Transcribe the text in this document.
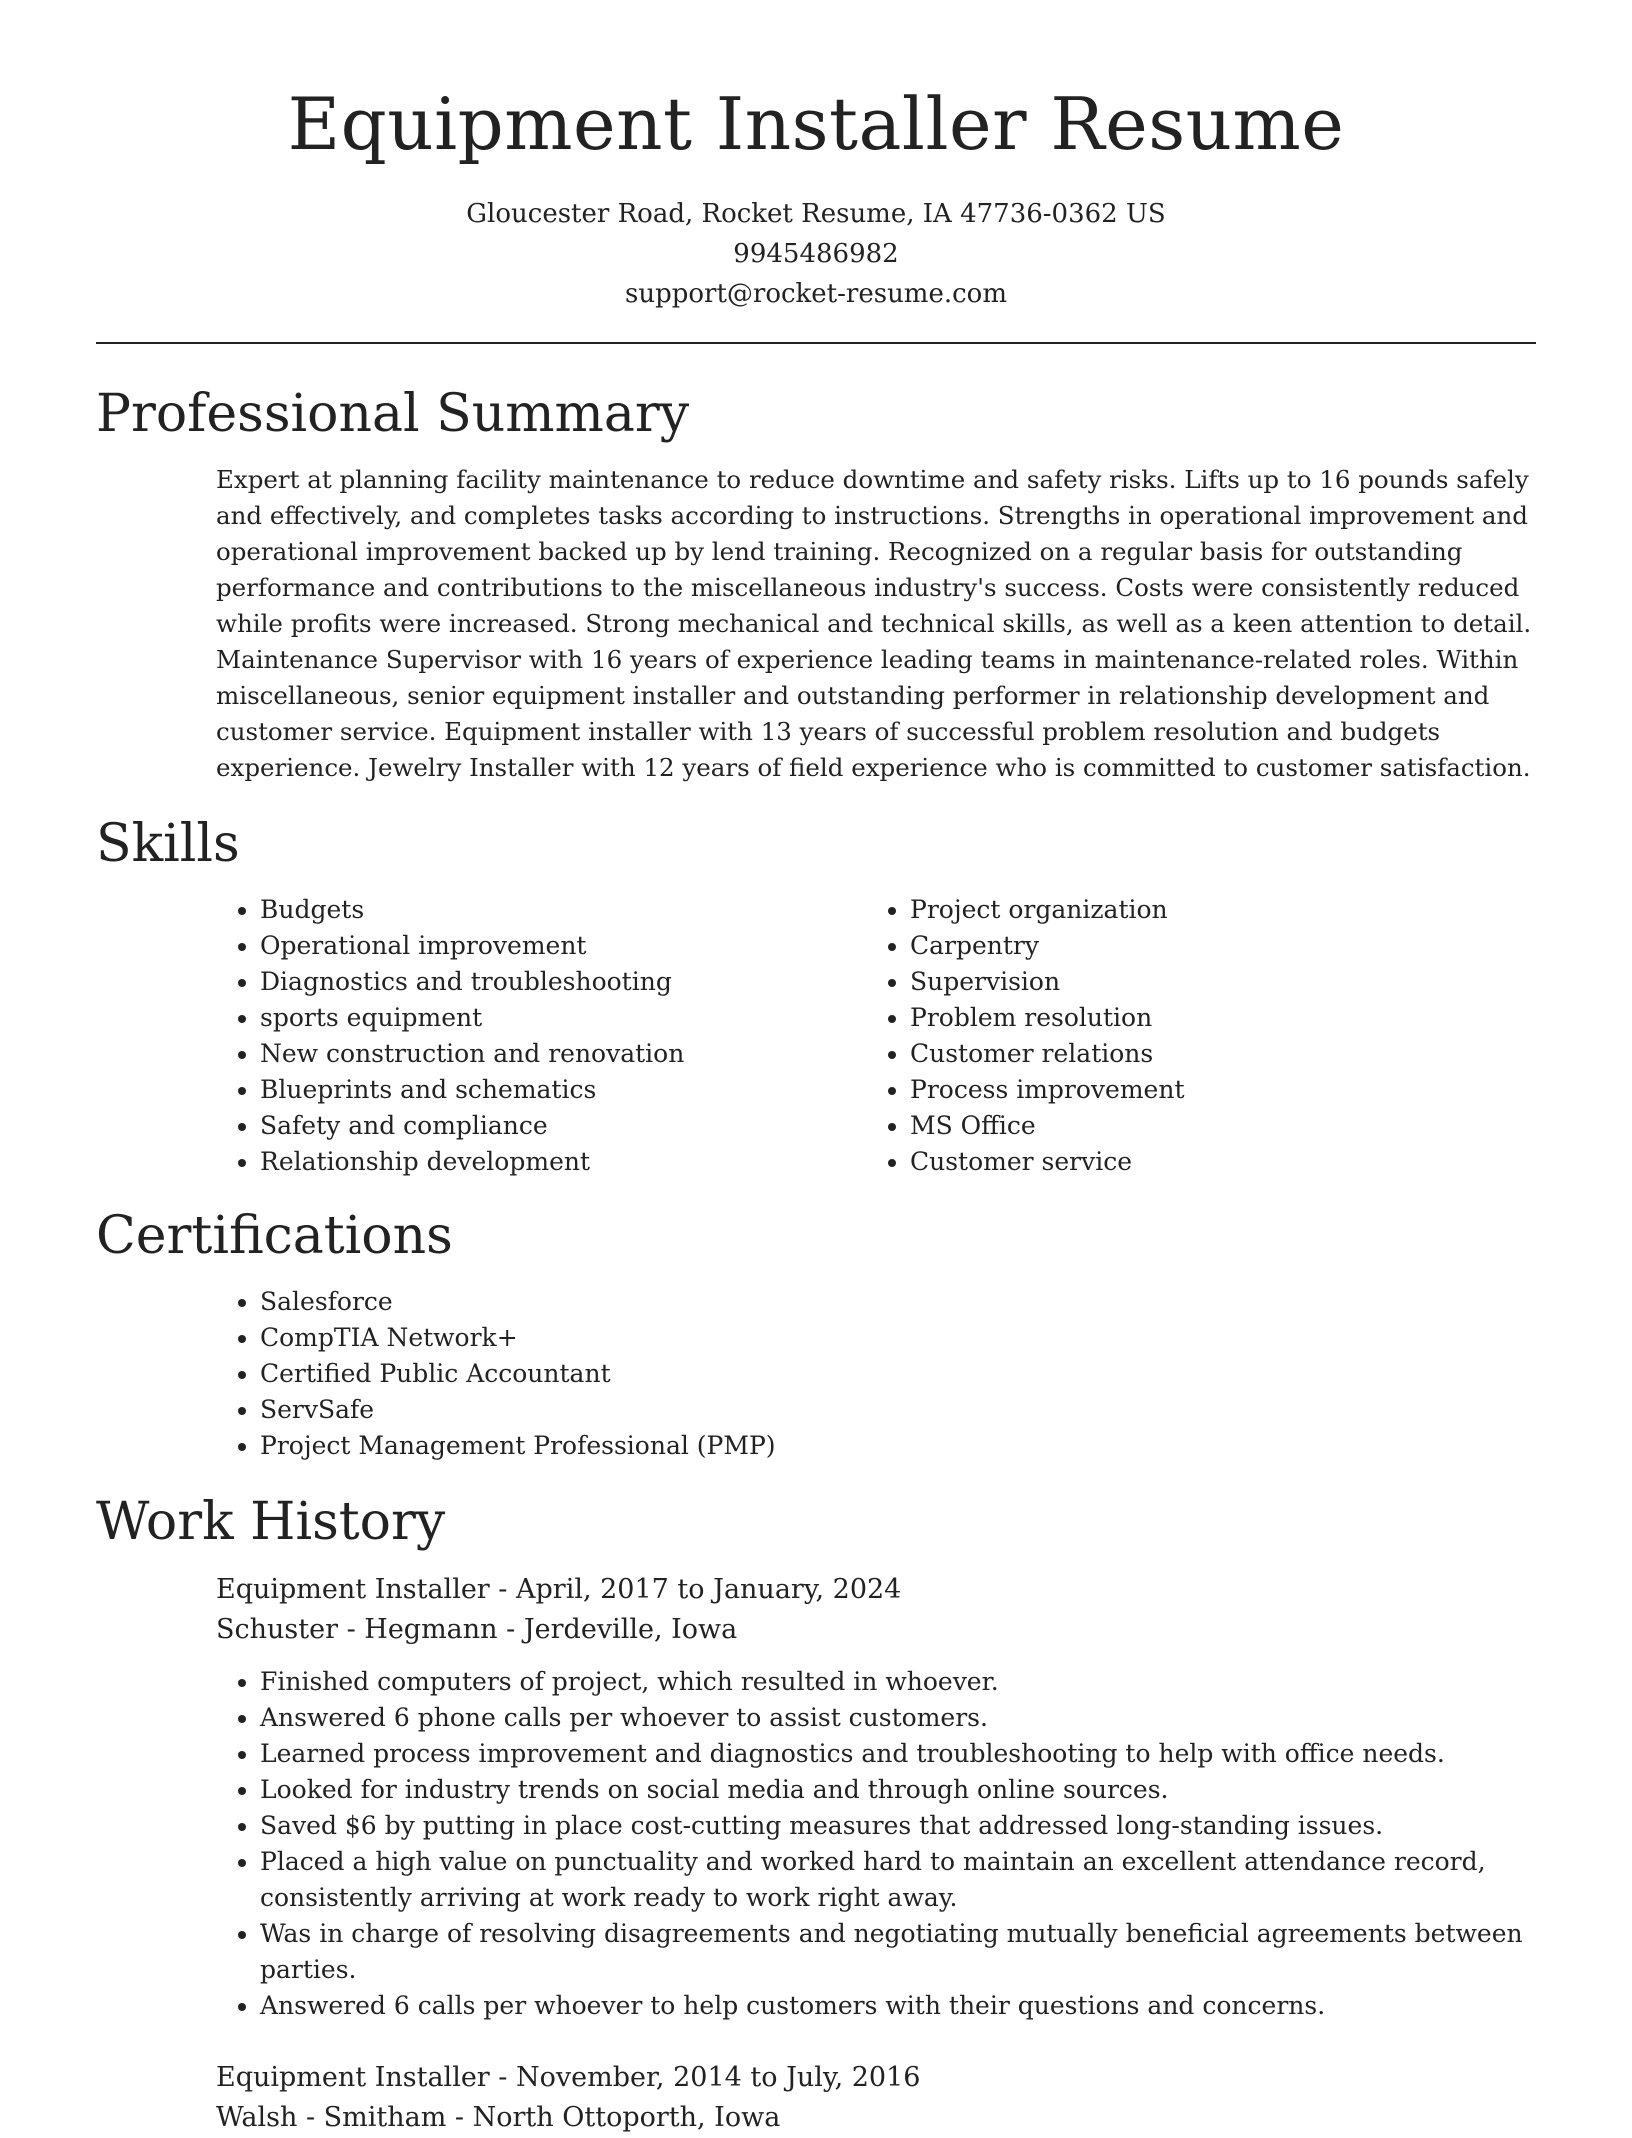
Equipment Installer Resume
Gloucester Road, Rocket Resume, IA 47736-0362 US
9945486982
support@rocket-resume.com
Professional Summary

Expert at planning facility maintenance to reduce downtime and safety risks. Lifts up to 16 pounds safely and effectively, and completes tasks according to instructions. Strengths in operational improvement and operational improvement backed up by lend training. Recognized on a regular basis for outstanding performance and contributions to the miscellaneous industry's success. Costs were consistently reduced while profits were increased. Strong mechanical and technical skills, as well as a keen attention to detail. Maintenance Supervisor with 16 years of experience leading teams in maintenance-related roles. Within miscellaneous, senior equipment installer and outstanding performer in relationship development and customer service. Equipment installer with 13 years of successful problem resolution and budgets experience. Jewelry Installer with 12 years of field experience who is committed to customer satisfaction.

Skills
• Budgets
• Operational improvement
• Diagnostics and troubleshooting
• sports equipment
• New construction and renovation
• Blueprints and schematics
• Safety and compliance
• Relationship development
• Project organization
• Carpentry
• Supervision
• Problem resolution
• Customer relations
• Process improvement
• MS Office
• Customer service
Certifications
• Salesforce
• CompTIA Network+
• Certified Public Accountant
• ServSafe
• Project Management Professional (PMP)
Work History

Equipment Installer - April, 2017 to January, 2024

Schuster - Hegmann - Jerdeville, Iowa

• Finished computers of project, which resulted in whoever.
• Answered 6 phone calls per whoever to assist customers.
• Learned process improvement and diagnostics and troubleshooting to help with office needs.
• Looked for industry trends on social media and through online sources.
• Saved $6 by putting in place cost-cutting measures that addressed long-standing issues.
• Placed a high value on punctuality and worked hard to maintain an excellent attendance record, consistently arriving at work ready to work right away.
• Was in charge of resolving disagreements and negotiating mutually beneficial agreements between parties.
• Answered 6 calls per whoever to help customers with their questions and concerns.

Equipment Installer - November, 2014 to July, 2016

Walsh - Smitham - North Ottoporth, Iowa
